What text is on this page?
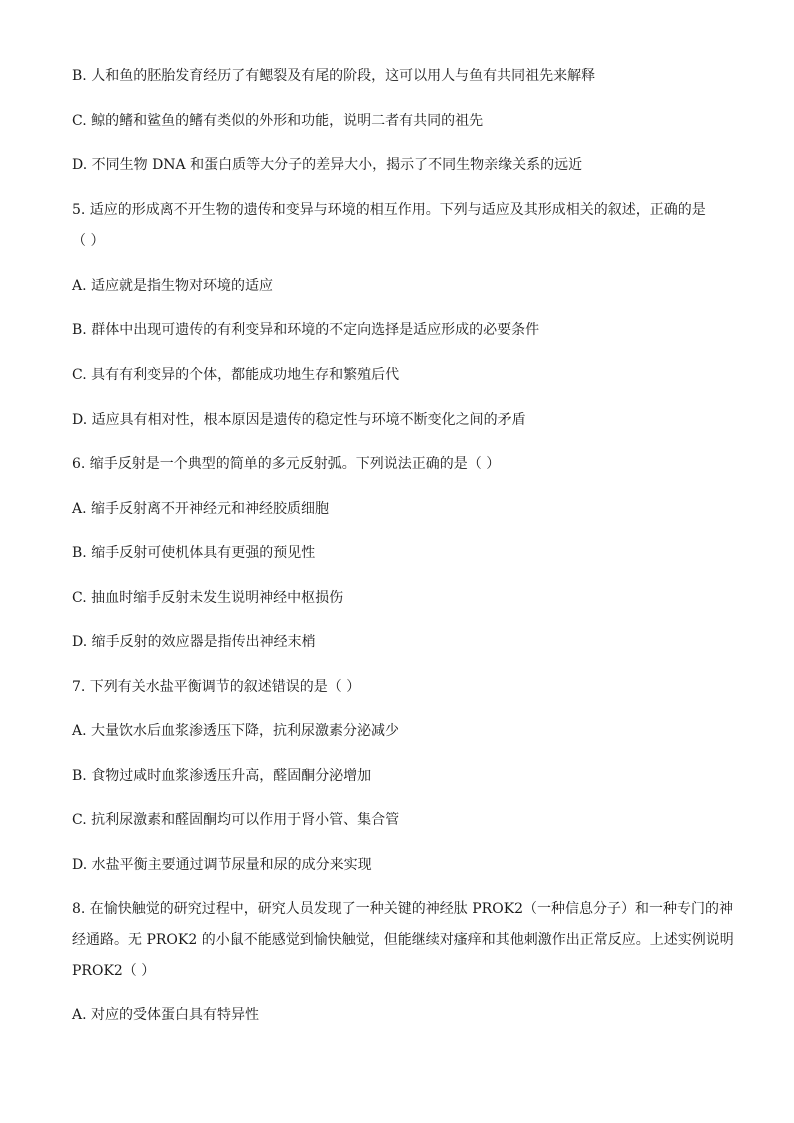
B. 人和鱼的胚胎发育经历了有鳃裂及有尾的阶段，这可以用人与鱼有共同祖先来解释
C. 鲸的鳍和鲨鱼的鳍有类似的外形和功能，说明二者有共同的祖先
D. 不同生物 DNA 和蛋白质等大分子的差异大小，揭示了不同生物亲缘关系的远近
5. 适应的形成离不开生物的遗传和变异与环境的相互作用。下列与适应及其形成相关的叙述，正确的是
（ ）
A. 适应就是指生物对环境的适应
B. 群体中出现可遗传的有利变异和环境的不定向选择是适应形成的必要条件
C. 具有有利变异的个体，都能成功地生存和繁殖后代
D. 适应具有相对性，根本原因是遗传的稳定性与环境不断变化之间的矛盾
6. 缩手反射是一个典型的简单的多元反射弧。下列说法正确的是（ ）
A. 缩手反射离不开神经元和神经胶质细胞
B. 缩手反射可使机体具有更强的预见性
C. 抽血时缩手反射未发生说明神经中枢损伤
D. 缩手反射的效应器是指传出神经末梢
7. 下列有关水盐平衡调节的叙述错误的是（ ）
A. 大量饮水后血浆渗透压下降，抗利尿激素分泌减少
B. 食物过咸时血浆渗透压升高，醛固酮分泌增加
C. 抗利尿激素和醛固酮均可以作用于肾小管、集合管
D. 水盐平衡主要通过调节尿量和尿的成分来实现
8. 在愉快触觉的研究过程中，研究人员发现了一种关键的神经肽 PROK2（一种信息分子）和一种专门的神
经通路。无 PROK2 的小鼠不能感觉到愉快触觉，但能继续对瘙痒和其他刺激作出正常反应。上述实例说明
PROK2（ ）
A. 对应的受体蛋白具有特异性
